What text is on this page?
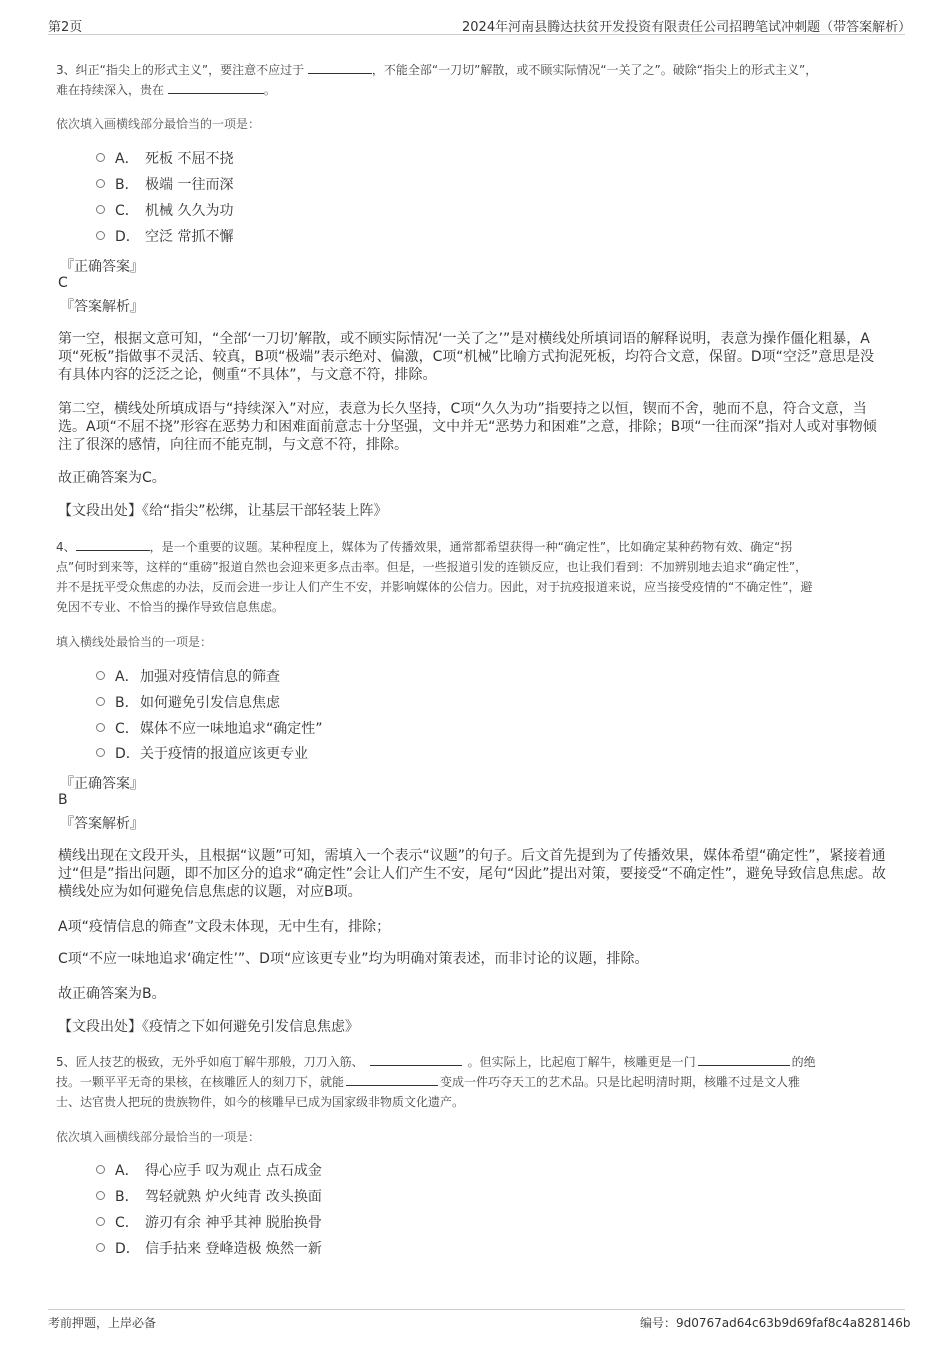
第2页	2024年河南县腾达扶贫开发投资有限责任公司招聘笔试冲刺题（带答案解析）
3、纠正“指尖上的形式主义”，要注意不应过于	，不能全部“一刀切”解散，或不顾实际情况“一关了之”。破除“指尖上的形式主义”，
难在持续深入，贵在	。
依次填入画横线部分最恰当的一项是：
A． 死板 不屈不挠
B． 极端 一往而深
C． 机械 久久为功
D． 空泛 常抓不懈
『正确答案』
C
『答案解析』
第一空，根据文意可知，“全部‘一刀切’解散，或不顾实际情况‘一关了之’”是对横线处所填词语的解释说明，表意为操作僵化粗暴，A项“死板”指做事不灵活、较真，B项“极端”表示绝对、偏激，C项“机械”比喻方式拘泥死板，均符合文意，保留。D项“空泛”意思是没有具体内容的泛泛之论，侧重“不具体”，与文意不符，排除。
第二空，横线处所填成语与“持续深入”对应，表意为长久坚持，C项“久久为功”指要持之以恒，锲而不舍，驰而不息，符合文意，当选。A项“不屈不挠”形容在恶势力和困难面前意志十分坚强，文中并无“恶势力和困难”之意，排除；B项“一往而深”指对人或对事物倾注了很深的感情，向往而不能克制，与文意不符，排除。
故正确答案为C。
【文段出处】《给“指尖”松绑，让基层干部轻装上阵》
4、	，是一个重要的议题。某种程度上，媒体为了传播效果，通常都希望获得一种“确定性”，比如确定某种药物有效、确定“拐
点”何时到来等，这样的“重磅”报道自然也会迎来更多点击率。但是，一些报道引发的连锁反应，也让我们看到：不加辨别地去追求“确定性”，
并不是抚平受众焦虑的办法，反而会进一步让人们产生不安，并影响媒体的公信力。因此，对于抗疫报道来说，应当接受疫情的“不确定性”，避
免因不专业、不恰当的操作导致信息焦虑。
填入横线处最恰当的一项是：
A．加强对疫情信息的筛查
B．如何避免引发信息焦虑
C．媒体不应一味地追求“确定性”
D．关于疫情的报道应该更专业
『正确答案』
B
『答案解析』
横线出现在文段开头，且根据“议题”可知，需填入一个表示“议题”的句子。后文首先提到为了传播效果，媒体希望“确定性”，紧接着通过“但是”指出问题，即不加区分的追求“确定性”会让人们产生不安，尾句“因此”提出对策，要接受“不确定性”，避免导致信息焦虑。故横线处应为如何避免信息焦虑的议题，对应B项。
A项“疫情信息的筛查”文段未体现，无中生有，排除；
C项“不应一味地追求‘确定性’”、D项“应该更专业”均为明确对策表述，而非讨论的议题，排除。
故正确答案为B。
【文段出处】《疫情之下如何避免引发信息焦虑》
5、匠人技艺的极致，无外乎如庖丁解牛那般，刀刀入筋、	。但实际上，比起庖丁解牛，核雕更是一门	的绝
技。一颗平平无奇的果核，在核雕匠人的刻刀下，就能	变成一件巧夺天工的艺术品。只是比起明清时期，核雕不过是文人雅
士、达官贵人把玩的贵族物件，如今的核雕早已成为国家级非物质文化遗产。
依次填入画横线部分最恰当的一项是：
A． 得心应手 叹为观止 点石成金
B． 驾轻就熟 炉火纯青 改头换面
C． 游刃有余 神乎其神 脱胎换骨
D． 信手拈来 登峰造极 焕然一新
考前押题，上岸必备	编号：9d0767ad64c63b9d69faf8c4a828146b
